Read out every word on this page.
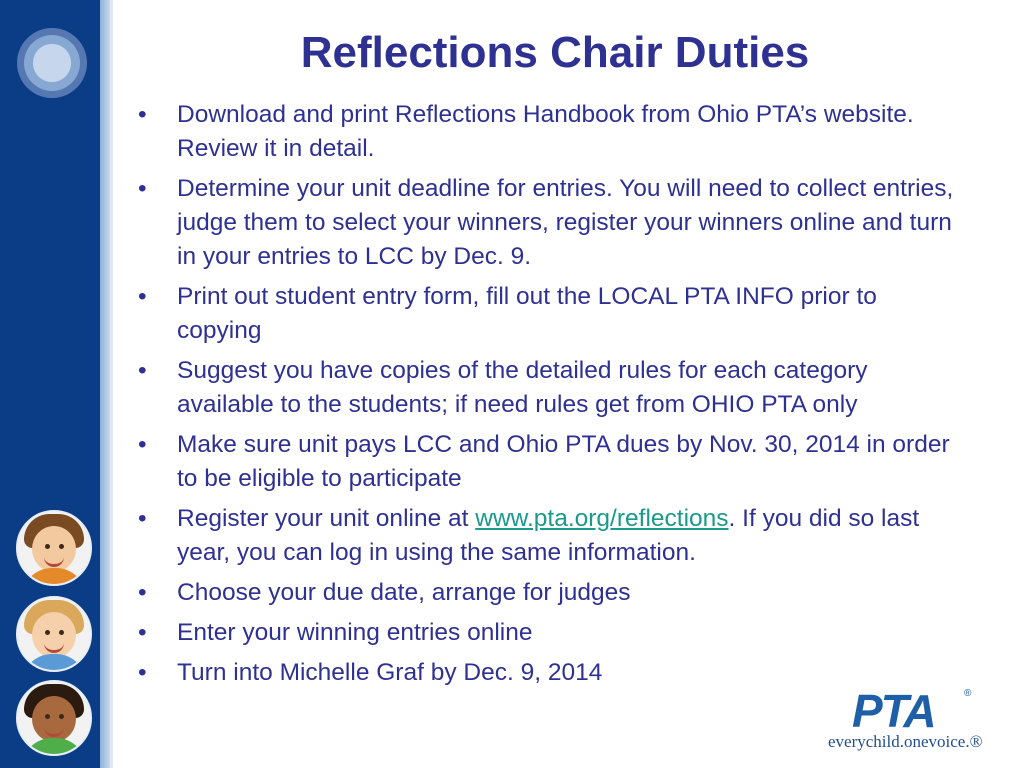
Reflections Chair Duties
• Download and print Reflections Handbook from Ohio PTA’s website. Review it in detail.
• Determine your unit deadline for entries. You will need to collect entries, judge them to select your winners, register your winners online and turn in your entries to LCC by Dec. 9.
• Print out student entry form, fill out the LOCAL PTA INFO prior to copying
• Suggest you have copies of the detailed rules for each category available to the students; if need rules get from OHIO PTA only
• Make sure unit pays LCC and Ohio PTA dues by Nov. 30, 2014 in order to be eligible to participate
• Register your unit online at www.pta.org/reflections. If you did so last year, you can log in using the same information.
• Choose your due date, arrange for judges
• Enter your winning entries online
• Turn into Michelle Graf by Dec. 9, 2014
PTA	®
everychild.onevoice.®
